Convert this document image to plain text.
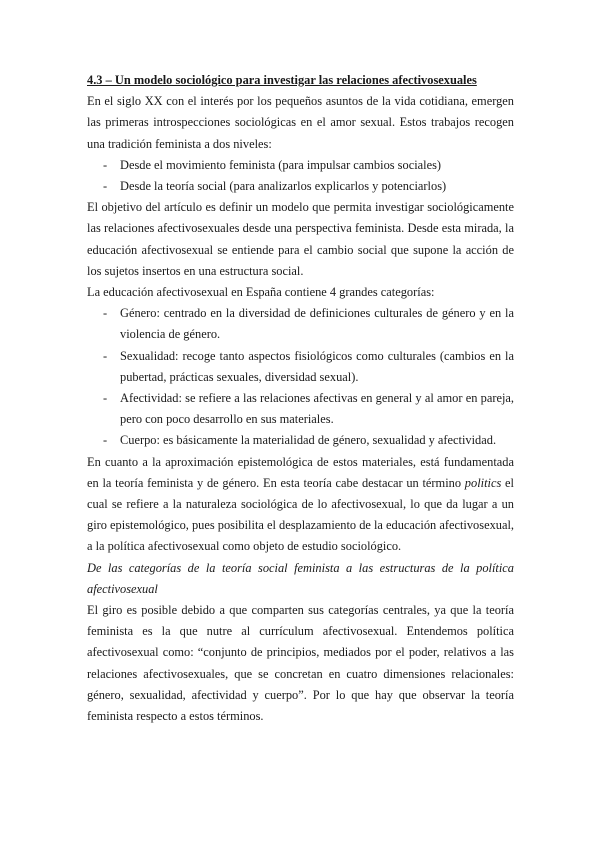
4.3 – Un modelo sociológico para investigar las relaciones afectivosexuales

En el siglo XX con el interés por los pequeños asuntos de la vida cotidiana, emergen las primeras introspecciones sociológicas en el amor sexual. Estos trabajos recogen una tradición feminista a dos niveles:

- Desde el movimiento feminista (para impulsar cambios sociales)
- Desde la teoría social (para analizarlos explicarlos y potenciarlos)

El objetivo del artículo es definir un modelo que permita investigar sociológicamente las relaciones afectivosexuales desde una perspectiva feminista. Desde esta mirada, la educación afectivosexual se entiende para el cambio social que supone la acción de los sujetos insertos en una estructura social.

La educación afectivosexual en España contiene 4 grandes categorías:

- Género: centrado en la diversidad de definiciones culturales de género y en la violencia de género.
- Sexualidad: recoge tanto aspectos fisiológicos como culturales (cambios en la pubertad, prácticas sexuales, diversidad sexual).
- Afectividad: se refiere a las relaciones afectivas en general y al amor en pareja, pero con poco desarrollo en sus materiales.
- Cuerpo: es básicamente la materialidad de género, sexualidad y afectividad.

En cuanto a la aproximación epistemológica de estos materiales, está fundamentada en la teoría feminista y de género. En esta teoría cabe destacar un término politics el cual se refiere a la naturaleza sociológica de lo afectivosexual, lo que da lugar a un giro epistemológico, pues posibilita el desplazamiento de la educación afectivosexual, a la política afectivosexual como objeto de estudio sociológico.

De las categorías de la teoría social feminista a las estructuras de la política afectivosexual

El giro es posible debido a que comparten sus categorías centrales, ya que la teoría feminista es la que nutre al currículum afectivosexual. Entendemos política afectivosexual como: “conjunto de principios, mediados por el poder, relativos a las relaciones afectivosexuales, que se concretan en cuatro dimensiones relacionales: género, sexualidad, afectividad y cuerpo”. Por lo que hay que observar la teoría feminista respecto a estos términos.
